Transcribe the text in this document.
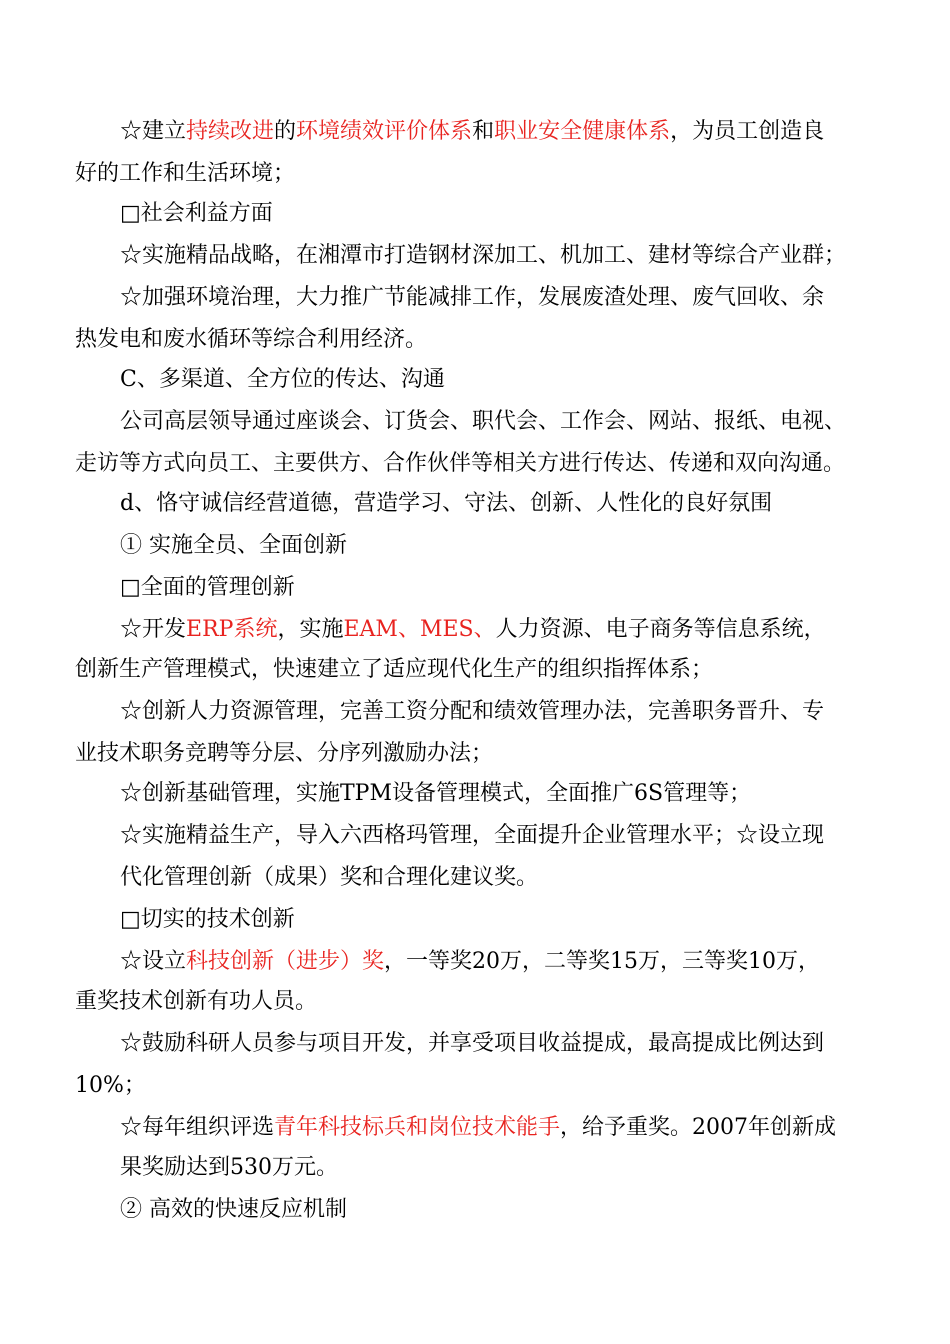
☆建立持续改进的环境绩效评价体系和职业安全健康体系，为员工创造良
好的工作和生活环境；
□社会利益方面
☆实施精品战略，在湘潭市打造钢材深加工、机加工、建材等综合产业群；
☆加强环境治理，大力推广节能减排工作，发展废渣处理、废气回收、余
热发电和废水循环等综合利用经济。
C、多渠道、全方位的传达、沟通
公司高层领导通过座谈会、订货会、职代会、工作会、网站、报纸、电视、
走访等方式向员工、主要供方、合作伙伴等相关方进行传达、传递和双向沟通。
d、恪守诚信经营道德，营造学习、守法、创新、人性化的良好氛围
① 实施全员、全面创新
□全面的管理创新
☆开发ERP系统，实施EAM、MES、人力资源、电子商务等信息系统，
创新生产管理模式，快速建立了适应现代化生产的组织指挥体系；
☆创新人力资源管理，完善工资分配和绩效管理办法，完善职务晋升、专
业技术职务竞聘等分层、分序列激励办法；
☆创新基础管理，实施TPM设备管理模式，全面推广6S管理等；
☆实施精益生产，导入六西格玛管理，全面提升企业管理水平；☆设立现
代化管理创新（成果）奖和合理化建议奖。
□切实的技术创新
☆设立科技创新（进步）奖，一等奖20万，二等奖15万，三等奖10万，
重奖技术创新有功人员。
☆鼓励科研人员参与项目开发，并享受项目收益提成，最高提成比例达到
10%；
☆每年组织评选青年科技标兵和岗位技术能手，给予重奖。2007年创新成
果奖励达到530万元。
② 高效的快速反应机制
